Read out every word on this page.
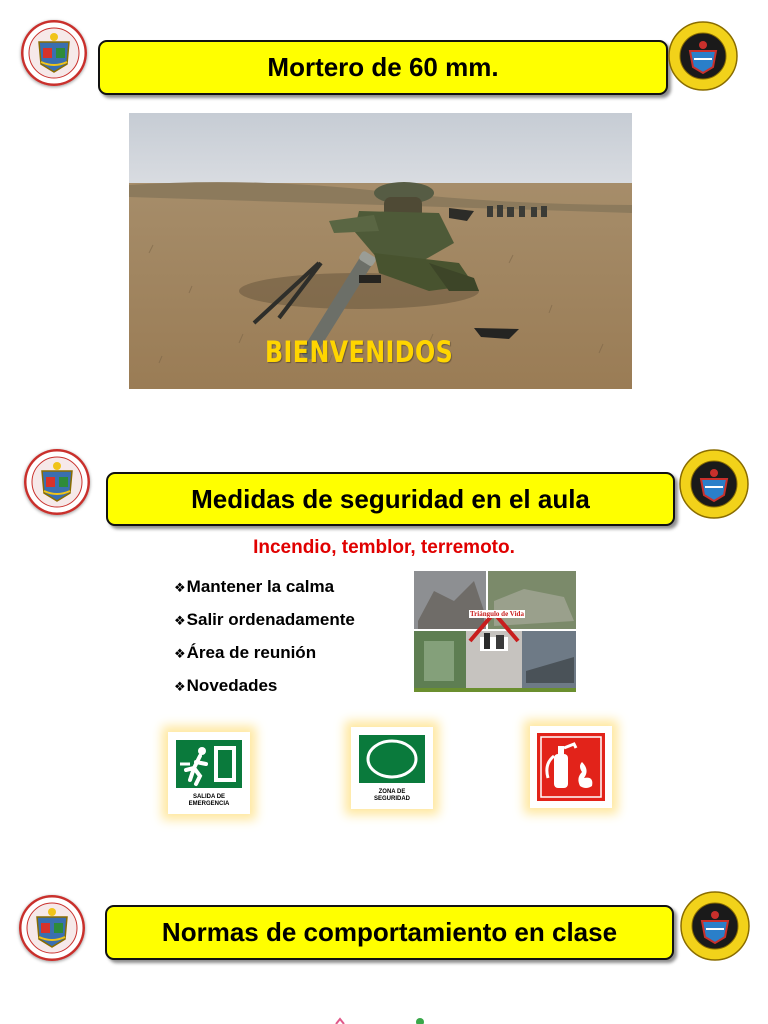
Mortero de 60 mm.
BIENVENIDOS
Medidas de seguridad en el aula
Incendio, temblor, terremoto.
❖Mantener la calma
❖Salir ordenadamente
❖Área de reunión
❖Novedades
Triángulo de Vida
SALIDA DE
EMERGENCIA
ZONA DE
SEGURIDAD
Normas de comportamiento en clase
